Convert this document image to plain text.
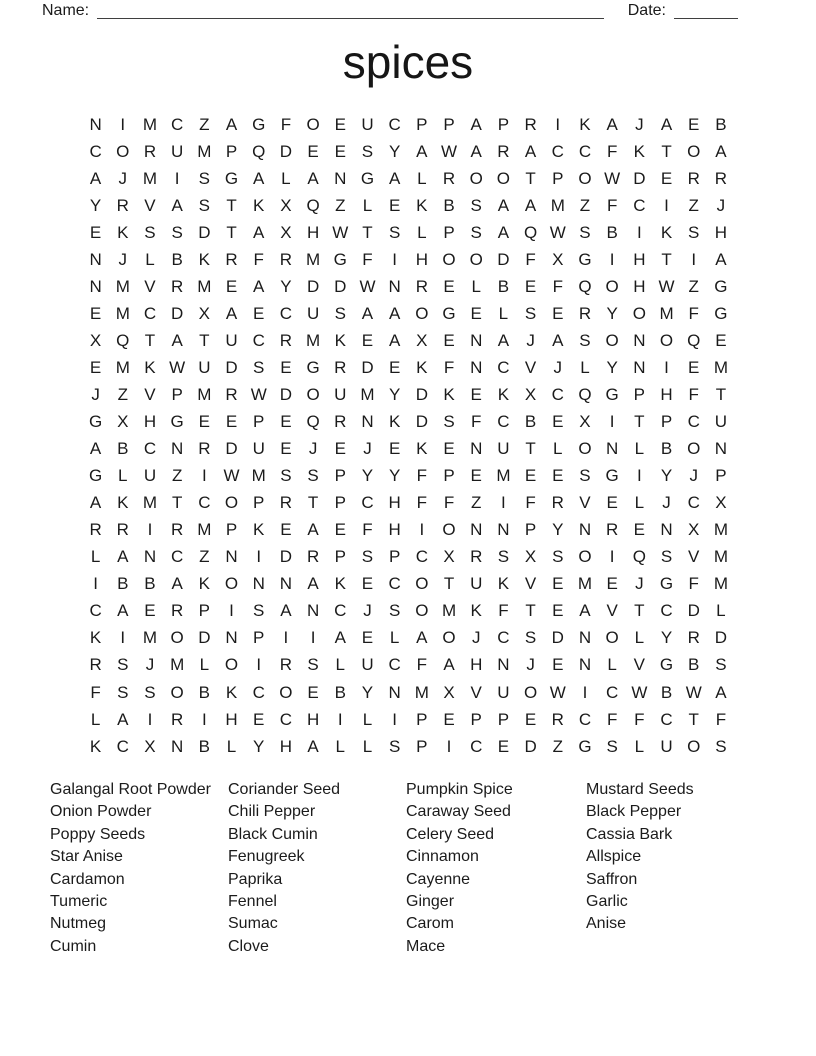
Name:	Date:
spices
N	I	M C Z A G F O E U C P P A P R	I	K A	J	A E B
C O R U M P Q D E E S Y A W A R A C C F K T O A
A	J M	I	S G A L A N G A L R O O T P O W D E R R
Y R V A S T K X Q Z	L E K B S A A M Z F C	I	Z	J
E K S S D T A X H W T S L P S A Q W S B	I	K S H
N J	L B K R F R M G F	I	H O O D F X G	I	H T	I	A
N M V R M E A Y D D W N R E L B E F Q O H W Z G
E M C D X A E C U S A A O G E L S E R Y O M F G
X Q T A T U C R M K E A X E N A	J	A S O N O Q E
E M K W U D S E G R D E K F N C V	J	L Y N	I	E M
J	Z V P M R W D O U M Y D K E K X C Q G P H F T
G X H G E E P E Q R N K D S F C B E X	I	T P C U
A B C N R D U E	J	E	J	E K E N U T	L O N L B O N
G L U Z	I W M S S P Y Y F P E M E E S G	I	Y	J	P
A K M T C O P R T P C H F F Z	I	F R V E L	J C X
R R	I	R M P K E A E F H	I	O N N P Y N R E N X M
L A N C Z N	I	D R P S P C X R S X S O	I	Q S V M
I	B B A K O N N A K E C O T U K V E M E	J G F M
C A E R P	I	S A N C J	S O M K F T E A V T C D L
K	I	M O D N P	I	I	A E L A O J C S D N O L Y R D
R S	J M L O	I	R S L U C F A H N J	E N L V G B S
F S S O B K C O E B Y N M X V U O W I	C W B W A
L A	I	R	I	H E C H	I	L	I	P E P P E R C F F C T F
K C X N B L Y H A L	L S P	I	C E D Z G S L U O S
Galangal Root Powder
Onion Powder
Poppy Seeds
Star Anise
Cardamon
Tumeric
Nutmeg
Cumin
Coriander Seed
Chili Pepper
Black Cumin
Fenugreek
Paprika
Fennel
Sumac
Clove
Pumpkin Spice
Caraway Seed
Celery Seed
Cinnamon
Cayenne
Ginger
Carom
Mace
Mustard Seeds
Black Pepper
Cassia Bark
Allspice
Saffron
Garlic
Anise
